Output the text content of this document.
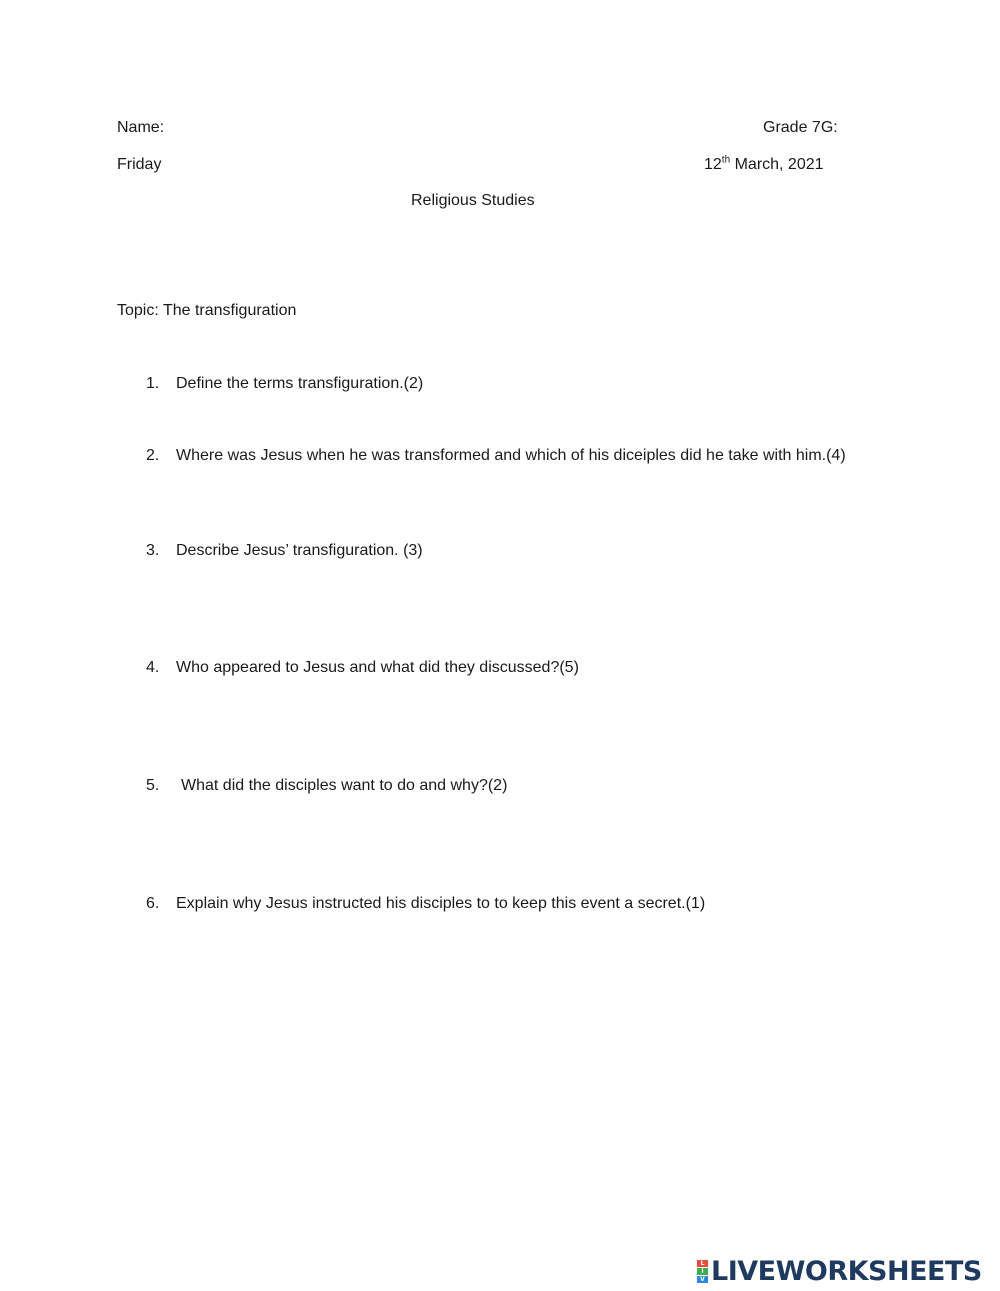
Name:	Grade 7G:
Friday	12th March, 2021
Religious Studies
Topic: The transfiguration
1. Define the terms transfiguration.(2)
2. Where was Jesus when he was transformed and which of his diceiples did he take with him.(4)
3. Describe Jesus’ transfiguration. (3)
4. Who appeared to Jesus and what did they discussed?(5)
5. What did the disciples want to do and why?(2)
6. Explain why Jesus instructed his disciples to to keep this event a secret.(1)
L
I
V LIVEWORKSHEETS
